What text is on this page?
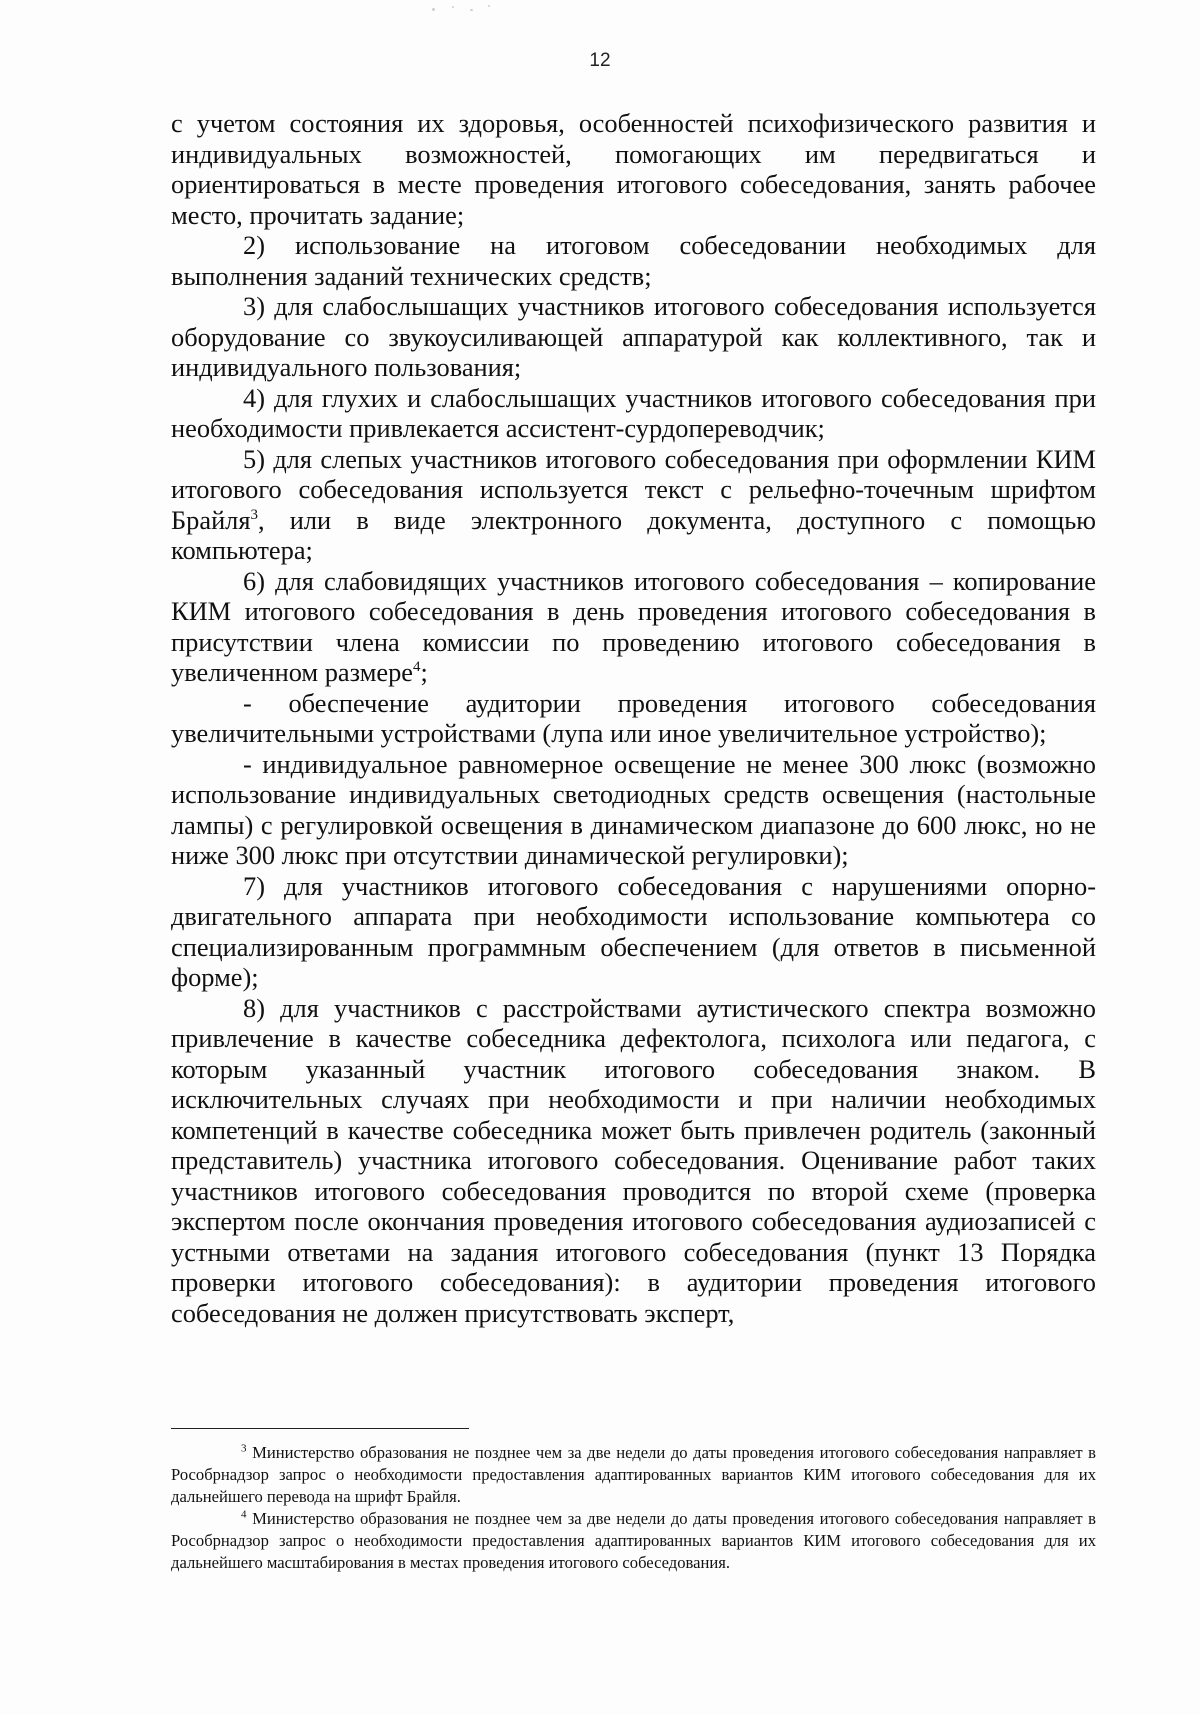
12

с учетом состояния их здоровья, особенностей психофизического развития и индивидуальных возможностей, помогающих им передвигаться и ориентироваться в месте проведения итогового собеседования, занять рабочее место, прочитать задание;

2) использование на итоговом собеседовании необходимых для выполнения заданий технических средств;

3) для слабослышащих участников итогового собеседования используется оборудование со звукоусиливающей аппаратурой как коллективного, так и индивидуального пользования;

4) для глухих и слабослышащих участников итогового собеседования при необходимости привлекается ассистент-сурдопереводчик;

5) для слепых участников итогового собеседования при оформлении КИМ итогового собеседования используется текст с рельефно-точечным шрифтом Брайля$^3$, или в виде электронного документа, доступного с помощью компьютера;

6) для слабовидящих участников итогового собеседования – копирование КИМ итогового собеседования в день проведения итогового собеседования в присутствии члена комиссии по проведению итогового собеседования в увеличенном размере$^4$;

- обеспечение аудитории проведения итогового собеседования увеличительными устройствами (лупа или иное увеличительное устройство);

- индивидуальное равномерное освещение не менее 300 люкс (возможно использование индивидуальных светодиодных средств освещения (настольные лампы) с регулировкой освещения в динамическом диапазоне до 600 люкс, но не ниже 300 люкс при отсутствии динамической регулировки);

7) для участников итогового собеседования с нарушениями опорно-двигательного аппарата при необходимости использование компьютера со специализированным программным обеспечением (для ответов в письменной форме);

8) для участников с расстройствами аутистического спектра возможно привлечение в качестве собеседника дефектолога, психолога или педагога, с которым указанный участник итогового собеседования знаком. В исключительных случаях при необходимости и при наличии необходимых компетенций в качестве собеседника может быть привлечен родитель (законный представитель) участника итогового собеседования. Оценивание работ таких участников итогового собеседования проводится по второй схеме (проверка экспертом после окончания проведения итогового собеседования аудиозаписей с устными ответами на задания итогового собеседования (пункт 13 Порядка проверки итогового собеседования): в аудитории проведения итогового собеседования не должен присутствовать эксперт,

$^3$ Министерство образования не позднее чем за две недели до даты проведения итогового собеседования направляет в Рособрнадзор запрос о необходимости предоставления адаптированных вариантов КИМ итогового собеседования для их дальнейшего перевода на шрифт Брайля.

$^4$ Министерство образования не позднее чем за две недели до даты проведения итогового собеседования направляет в Рособрнадзор запрос о необходимости предоставления адаптированных вариантов КИМ итогового собеседования для их дальнейшего масштабирования в местах проведения итогового собеседования.
